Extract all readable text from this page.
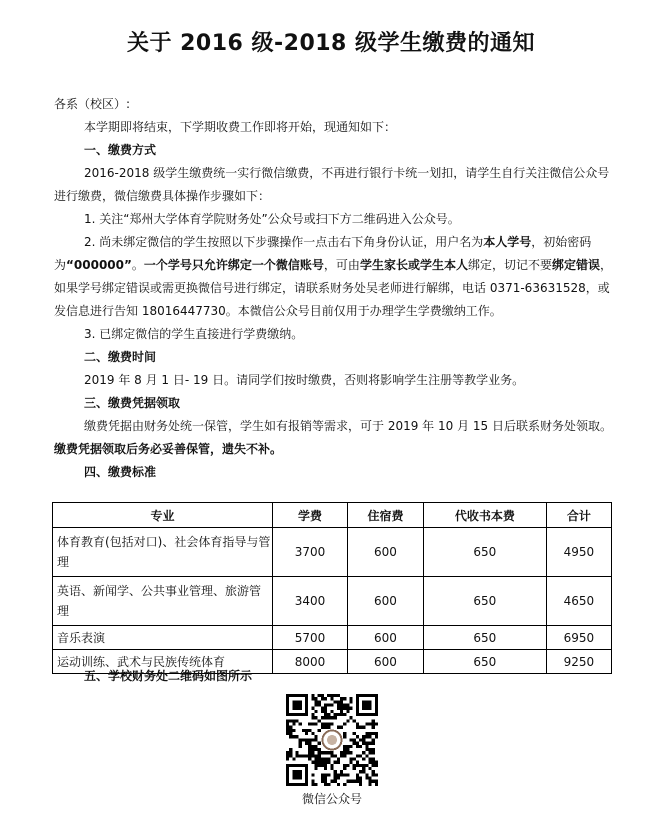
关于 2016 级-2018 级学生缴费的通知

各系（校区）:

本学期即将结束，下学期收费工作即将开始，现通知如下：

一、缴费方式

2016-2018 级学生缴费统一实行微信缴费，不再进行银行卡统一划扣，请学生自行关注微信公众号进行缴费，微信缴费具体操作步骤如下：

1. 关注“郑州大学体育学院财务处”公众号或扫下方二维码进入公众号。

2. 尚未绑定微信的学生按照以下步骤操作一点击右下角身份认证，用户名为本人学号，初始密码为“000000”。一个学号只允许绑定一个微信账号，可由学生家长或学生本人绑定，切记不要绑定错误，如果学号绑定错误或需更换微信号进行绑定，请联系财务处吴老师进行解绑，电话 0371-63631528，或发信息进行告知 18016447730。本微信公众号目前仅用于办理学生学费缴纳工作。

3. 已绑定微信的学生直接进行学费缴纳。

二、缴费时间

2019 年 8 月 1 日- 19 日。请同学们按时缴费，否则将影响学生注册等教学业务。

三、缴费凭据领取

缴费凭据由财务处统一保管，学生如有报销等需求，可于 2019 年 10 月 15 日后联系财务处领取。缴费凭据领取后务必妥善保管，遗失不补。

四、缴费标准

专业	学费	住宿费	代收书本费	合计
体育教育(包括对口)、社会体育指导与管理	3700	600	650	4950
英语、新闻学、公共事业管理、旅游管理	3400	600	650	4650
音乐表演	5700	600	650	6950
运动训练、武术与民族传统体育	8000	600	650	9250
五、学校财务处二维码如图所示
微信公众号
